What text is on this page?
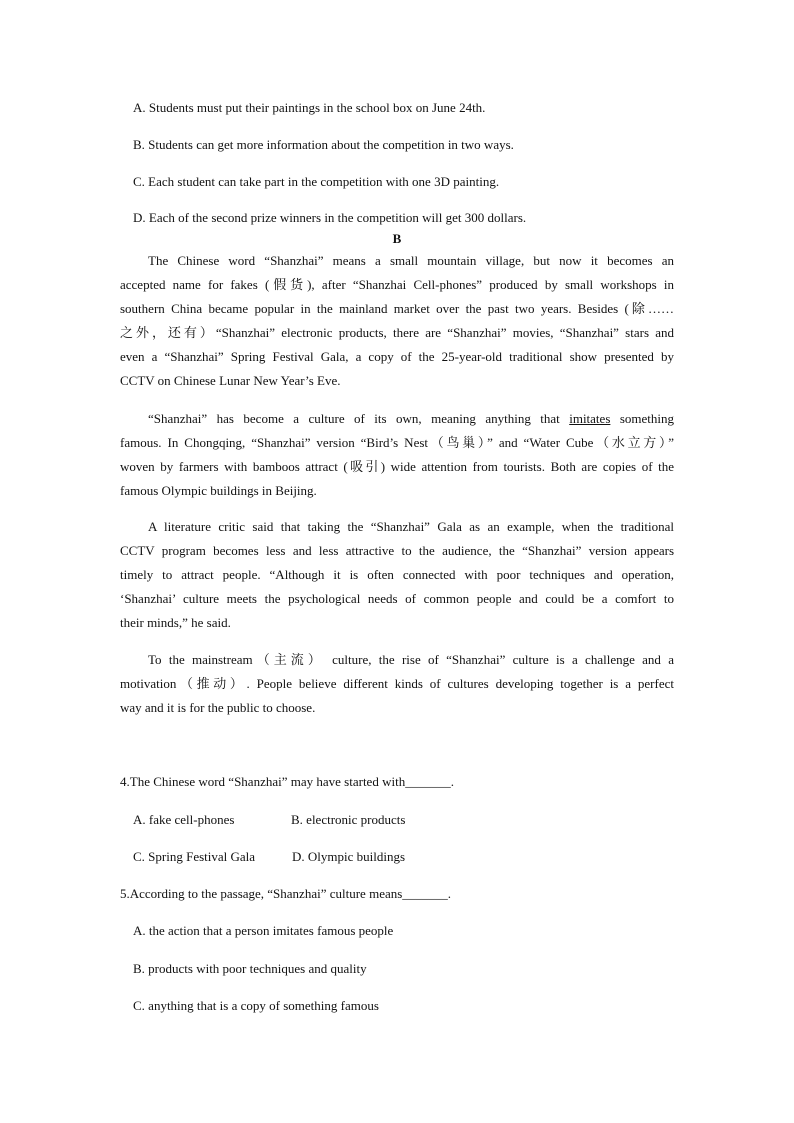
A. Students must put their paintings in the school box on June 24th.
B. Students can get more information about the competition in two ways.
C. Each student can take part in the competition with one 3D painting.
D. Each of the second prize winners in the competition will get 300 dollars.
B
The Chinese word “Shanzhai” means a small mountain village, but now it becomes an
accepted name for fakes (假货), after “Shanzhai Cell-phones” produced by small workshops in
southern China became popular in the mainland market over the past two years. Besides (除……
之外，还有）“Shanzhai” electronic products, there are “Shanzhai” movies, “Shanzhai” stars and
even a “Shanzhai” Spring Festival Gala, a copy of the 25-year-old traditional show presented by
CCTV on Chinese Lunar New Year’s Eve.
“Shanzhai” has become a culture of its own, meaning anything that imitates something
famous. In Chongqing, “Shanzhai” version “Bird’s Nest（鸟巢）” and “Water Cube（水立方）”
woven by farmers with bamboos attract (吸引) wide attention from tourists. Both are copies of the
famous Olympic buildings in Beijing.
A literature critic said that taking the “Shanzhai” Gala as an example, when the traditional
CCTV program becomes less and less attractive to the audience, the “Shanzhai” version appears
timely to attract people. “Although it is often connected with poor techniques and operation,
‘Shanzhai’ culture meets the psychological needs of common people and could be a comfort to
their minds,” he said.
To the mainstream（主流） culture, the rise of “Shanzhai” culture is a challenge and a
motivation（推动）. People believe different kinds of cultures developing together is a perfect
way and it is for the public to choose.
4.The Chinese word “Shanzhai” may have started with_______.
A. fake cell-phones	B. electronic products
C. Spring Festival Gala	D. Olympic buildings
5.According to the passage, “Shanzhai” culture means_______.
A. the action that a person imitates famous people
B. products with poor techniques and quality
C. anything that is a copy of something famous
